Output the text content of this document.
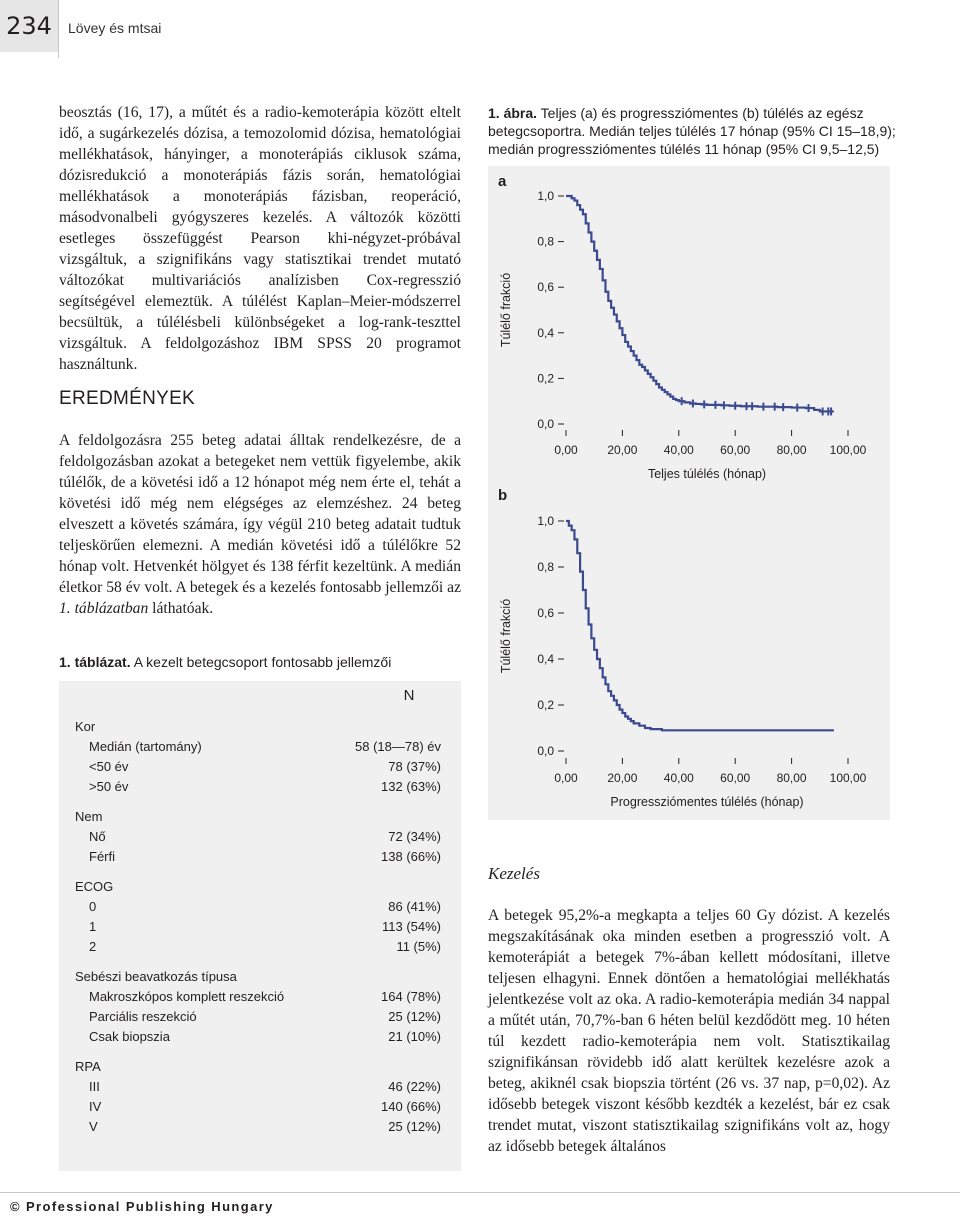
234	Lövey és mtsai

beosztás (16, 17), a műtét és a radio-kemoterápia között eltelt idő, a sugárkezelés dózisa, a temozolomid dózisa, hematológiai mellékhatások, hányinger, a monoterápiás ciklusok száma, dózisredukció a monoterápiás fázis során, hematológiai mellékhatások a monoterápiás fázisban, reoperáció, másodvonalbeli gyógyszeres kezelés. A változók közötti esetleges összefüggést Pearson khi-négyzet-próbával vizsgáltuk, a szignifikáns vagy statisztikai trendet mutató változókat multivariációs analízisben Cox-regresszió segítségével elemeztük. A túlélést Kaplan–Meier-módszerrel becsültük, a túlélésbeli különbségeket a log-rank-teszttel vizsgáltuk. A feldolgozáshoz IBM SPSS 20 programot használtunk.

EREDMÉNYEK

A feldolgozásra 255 beteg adatai álltak rendelkezésre, de a feldolgozásban azokat a betegeket nem vettük figyelembe, akik túlélők, de a követési idő a 12 hónapot még nem érte el, tehát a követési idő még nem elégséges az elemzéshez. 24 beteg elveszett a követés számára, így végül 210 beteg adatait tudtuk teljeskörűen elemezni. A medián követési idő a túlélőkre 52 hónap volt. Hetvenkét hölgyet és 138 férfit kezeltünk. A medián életkor 58 év volt. A betegek és a kezelés fontosabb jellemzői az 1. táblázatban láthatóak.

1. táblázat. A kezelt betegcsoport fontosabb jellemzői
N
Kor
Medián (tartomány)	58 (18—78) év
<50 év	78 (37%)
>50 év	132 (63%)
Nem
Nő	72 (34%)
Férfi	138 (66%)
ECOG
0	86 (41%)
1	113 (54%)
2	11 (5%)
Sebészi beavatkozás típusa
Makroszkópos komplett reszekció	164 (78%)
Parciális reszekció	25 (12%)
Csak biopszia	21 (10%)
RPA
III	46 (22%)
IV	140 (66%)
V	25 (12%)
1. ábra. Teljes (a) és progressziómentes (b) túlélés az egész betegcsoportra. Medián teljes túlélés 17 hónap (95% CI 15–18,9); medián progressziómentes túlélés 11 hónap (95% CI 9,5–12,5)
a
0,0
0,2
0,4
0,6
0,8
1,0
0,00 20,00 40,00 60,00 80,00 100,00
Teljes túlélés (hónap)
Túlélő frakció
b
0,0
0,2
0,4
0,6
0,8
1,0
0,00 20,00 40,00 60,00 80,00 100,00
Progressziómentes túlélés (hónap)
Túlélő frakció
Kezelés

A betegek 95,2%-a megkapta a teljes 60 Gy dózist. A kezelés megszakításának oka minden esetben a progresszió volt. A kemoterápiát a betegek 7%-ában kellett módosítani, illetve teljesen elhagyni. Ennek döntően a hematológiai mellékhatás jelentkezése volt az oka. A radio-kemoterápia medián 34 nappal a műtét után, 70,7%-ban 6 héten belül kezdődött meg. 10 héten túl kezdett radio-kemoterápia nem volt. Statisztikailag szignifikánsan rövidebb idő alatt kerültek kezelésre azok a beteg, akiknél csak biopszia történt (26 vs. 37 nap, p=0,02). Az idősebb betegek viszont később kezdték a kezelést, bár ez csak trendet mutat, viszont statisztikailag szignifikáns volt az, hogy az idősebb betegek általános

© Professional Publishing Hungary
